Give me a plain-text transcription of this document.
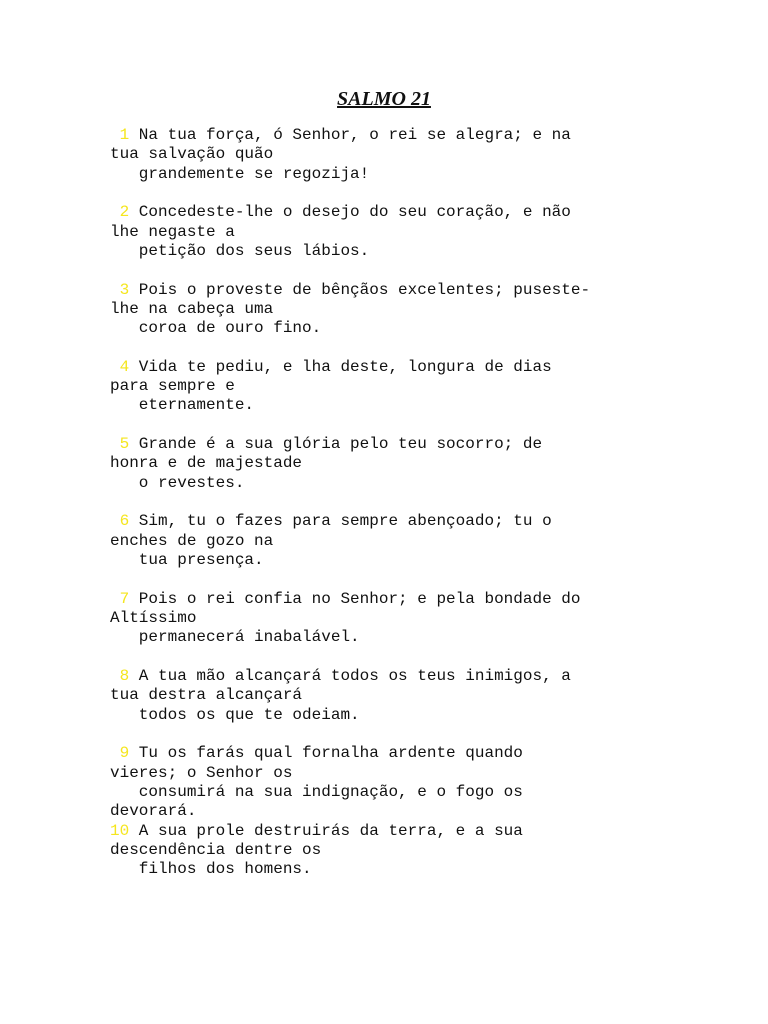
SALMO 21
1 Na tua força, ó Senhor, o rei se alegra; e na
tua salvação quão
grandemente se regozija!
2 Concedeste-lhe o desejo do seu coração, e não
lhe negaste a
petição dos seus lábios.
3 Pois o proveste de bênçãos excelentes; puseste-
lhe na cabeça uma
coroa de ouro fino.
4 Vida te pediu, e lha deste, longura de dias
para sempre e
eternamente.
5 Grande é a sua glória pelo teu socorro; de
honra e de majestade
o revestes.
6 Sim, tu o fazes para sempre abençoado; tu o
enches de gozo na
tua presença.
7 Pois o rei confia no Senhor; e pela bondade do
Altíssimo
permanecerá inabalável.
8 A tua mão alcançará todos os teus inimigos, a
tua destra alcançará
todos os que te odeiam.
9 Tu os farás qual fornalha ardente quando
vieres; o Senhor os
consumirá na sua indignação, e o fogo os
devorará.
10 A sua prole destruirás da terra, e a sua
descendência dentre os
filhos dos homens.
